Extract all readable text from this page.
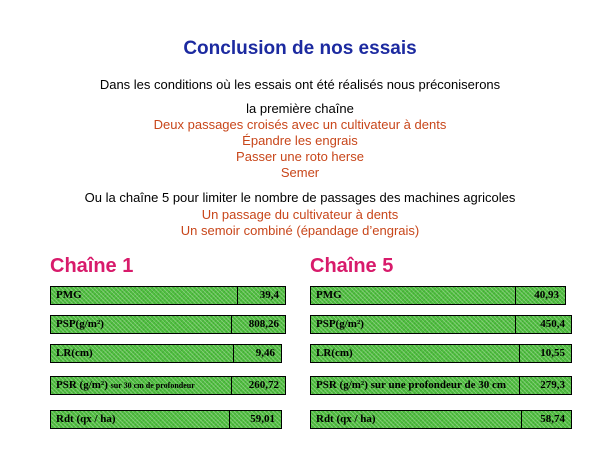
Conclusion de nos essais
Dans les conditions où les essais ont été réalisés nous préconiserons
la première chaîne
Deux passages croisés avec un cultivateur à dents
Épandre les engrais
Passer une roto herse
Semer
Ou la chaîne 5 pour limiter le nombre de passages des machines agricoles
Un passage du cultivateur à dents
Un semoir combiné (épandage d’engrais)
Chaîne 1	Chaîne 5
PMG	39,4
PSP(g/m²)	808,26
LR(cm)	9,46
PSR (g/m²) sur 30 cm de profondeur	260,72
Rdt (qx / ha)	59,01
PMG	40,93
PSP(g/m²)	450,4
LR(cm)	10,55
PSR (g/m²) sur une profondeur de 30 cm	279,3
Rdt (qx / ha)	58,74
